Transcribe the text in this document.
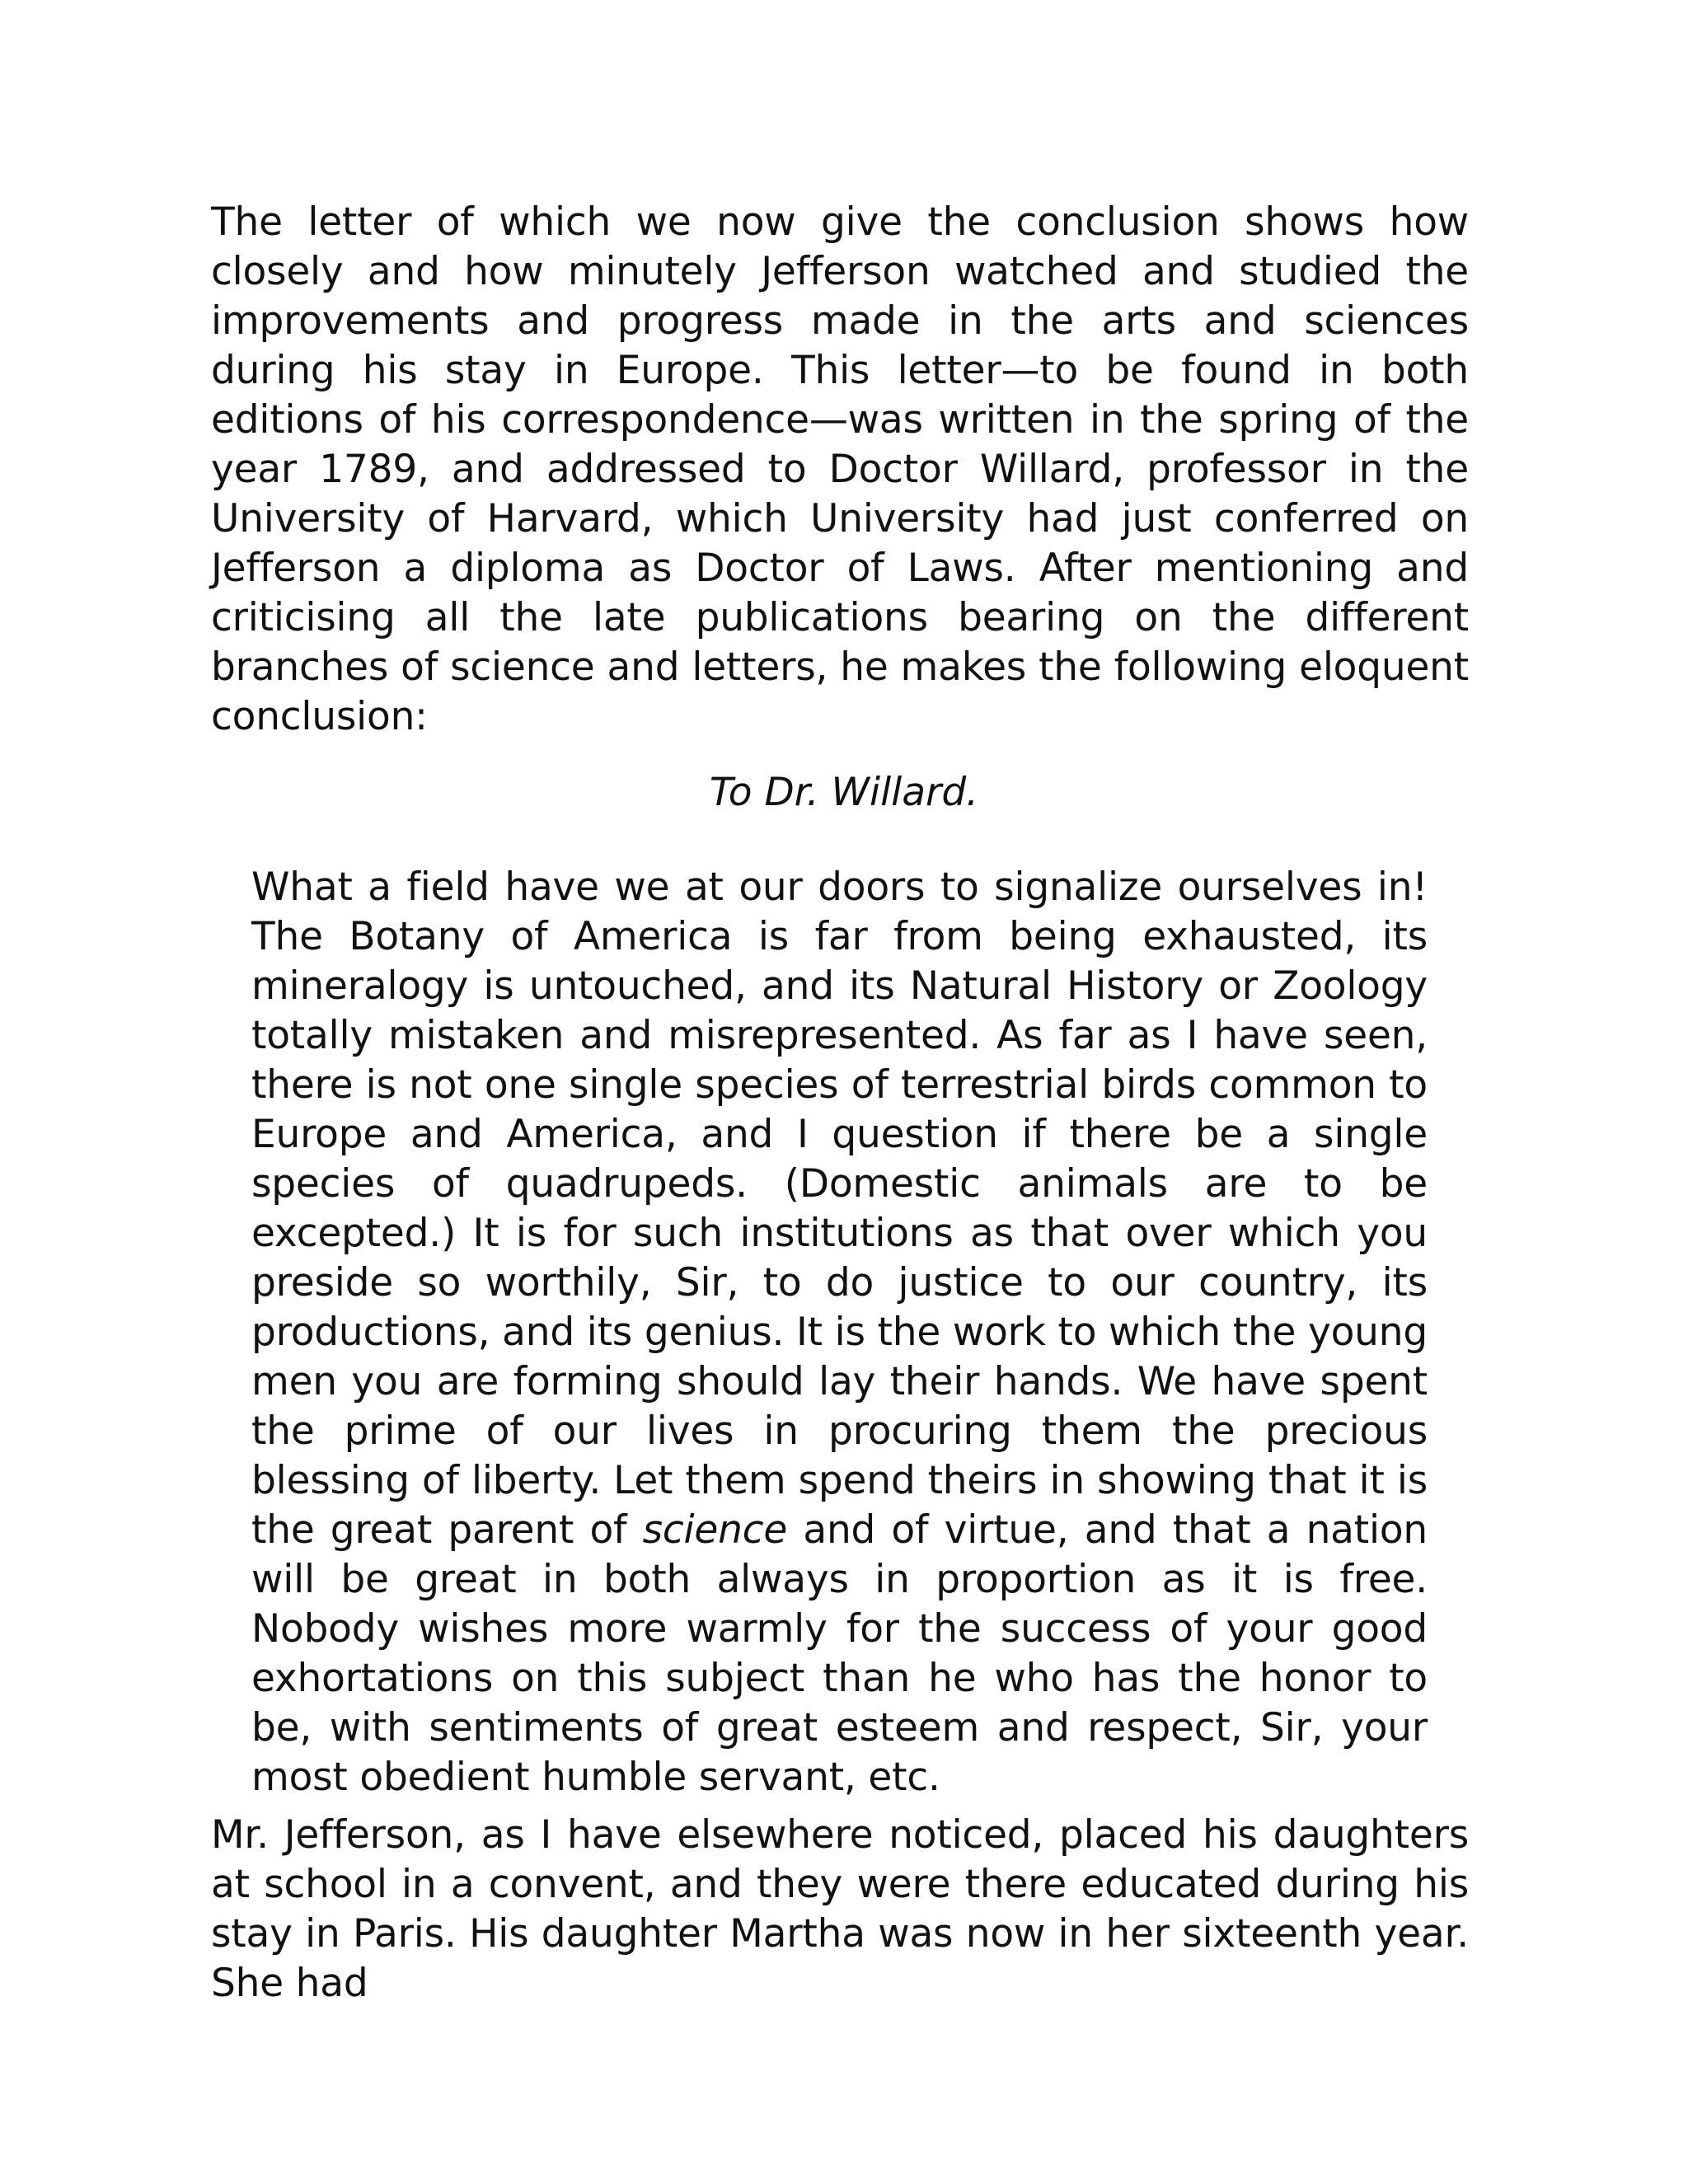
The letter of which we now give the conclusion shows how closely and how minutely Jefferson watched and studied the improvements and progress made in the arts and sciences during his stay in Europe. This letter—to be found in both editions of his correspondence—was written in the spring of the year 1789, and addressed to Doctor Willard, professor in the University of Harvard, which University had just conferred on Jefferson a diploma as Doctor of Laws. After mentioning and criticising all the late publications bearing on the different branches of science and letters, he makes the following eloquent conclusion:

To Dr. Willard.

What a field have we at our doors to signalize ourselves in! The Botany of America is far from being exhausted, its mineralogy is untouched, and its Natural History or Zoology totally mistaken and misrepresented. As far as I have seen, there is not one single species of terrestrial birds common to Europe and America, and I question if there be a single species of quadrupeds. (Domestic animals are to be excepted.) It is for such institutions as that over which you preside so worthily, Sir, to do justice to our country, its productions, and its genius. It is the work to which the young men you are forming should lay their hands. We have spent the prime of our lives in procuring them the precious blessing of liberty. Let them spend theirs in showing that it is the great parent of science and of virtue, and that a nation will be great in both always in proportion as it is free. Nobody wishes more warmly for the success of your good exhortations on this subject than he who has the honor to be, with sentiments of great esteem and respect, Sir, your most obedient humble servant, etc.

Mr. Jefferson, as I have elsewhere noticed, placed his daughters at school in a convent, and they were there educated during his stay in Paris. His daughter Martha was now in her sixteenth year. She had
